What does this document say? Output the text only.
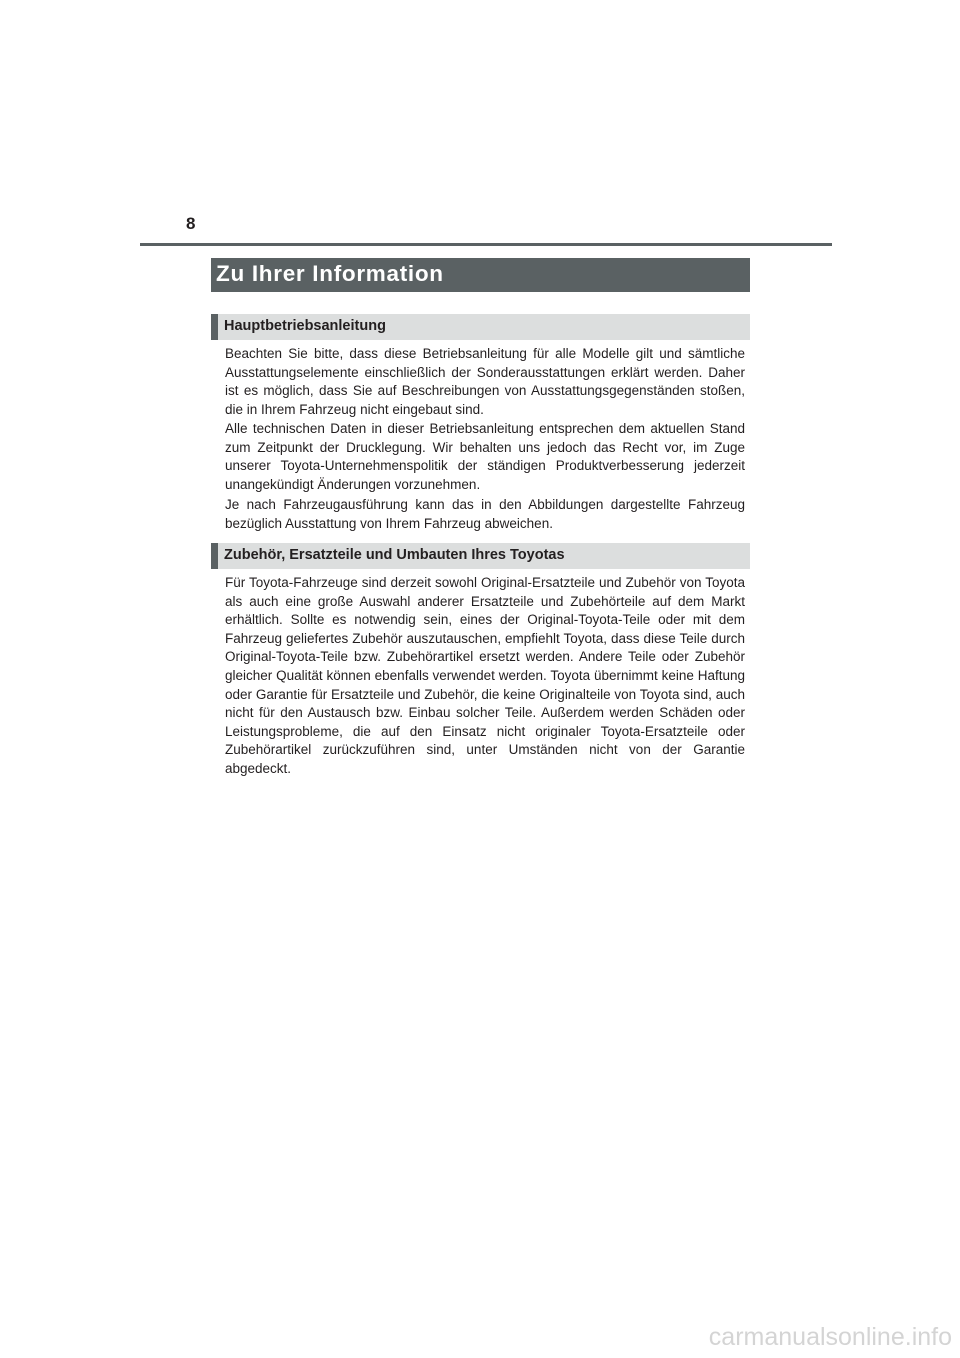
8
Zu Ihrer Information
Hauptbetriebsanleitung

Beachten Sie bitte, dass diese Betriebsanleitung für alle Modelle gilt und sämtliche Ausstattungselemente einschließlich der Sonderausstattungen erklärt werden. Daher ist es möglich, dass Sie auf Beschreibungen von Ausstattungsgegenständen stoßen, die in Ihrem Fahrzeug nicht eingebaut sind.

Alle technischen Daten in dieser Betriebsanleitung entsprechen dem aktuellen Stand zum Zeitpunkt der Drucklegung. Wir behalten uns jedoch das Recht vor, im Zuge unserer Toyota-Unternehmenspolitik der ständigen Produktverbesserung jederzeit unangekündigt Änderungen vorzunehmen.

Je nach Fahrzeugausführung kann das in den Abbildungen dargestellte Fahrzeug bezüglich Ausstattung von Ihrem Fahrzeug abweichen.

Zubehör, Ersatzteile und Umbauten Ihres Toyotas

Für Toyota-Fahrzeuge sind derzeit sowohl Original-Ersatzteile und Zubehör von Toyota als auch eine große Auswahl anderer Ersatzteile und Zubehörteile auf dem Markt erhältlich. Sollte es notwendig sein, eines der Original-Toyota-Teile oder mit dem Fahrzeug geliefertes Zubehör auszutauschen, empfiehlt Toyota, dass diese Teile durch Original-Toyota-Teile bzw. Zubehörartikel ersetzt werden. Andere Teile oder Zubehör gleicher Qualität können ebenfalls verwendet werden. Toyota übernimmt keine Haftung oder Garantie für Ersatzteile und Zubehör, die keine Originalteile von Toyota sind, auch nicht für den Austausch bzw. Einbau solcher Teile. Außerdem werden Schäden oder Leistungsprobleme, die auf den Einsatz nicht originaler Toyota-Ersatzteile oder Zubehörartikel zurückzuführen sind, unter Umständen nicht von der Garantie abgedeckt.

carmanualsonline.info
